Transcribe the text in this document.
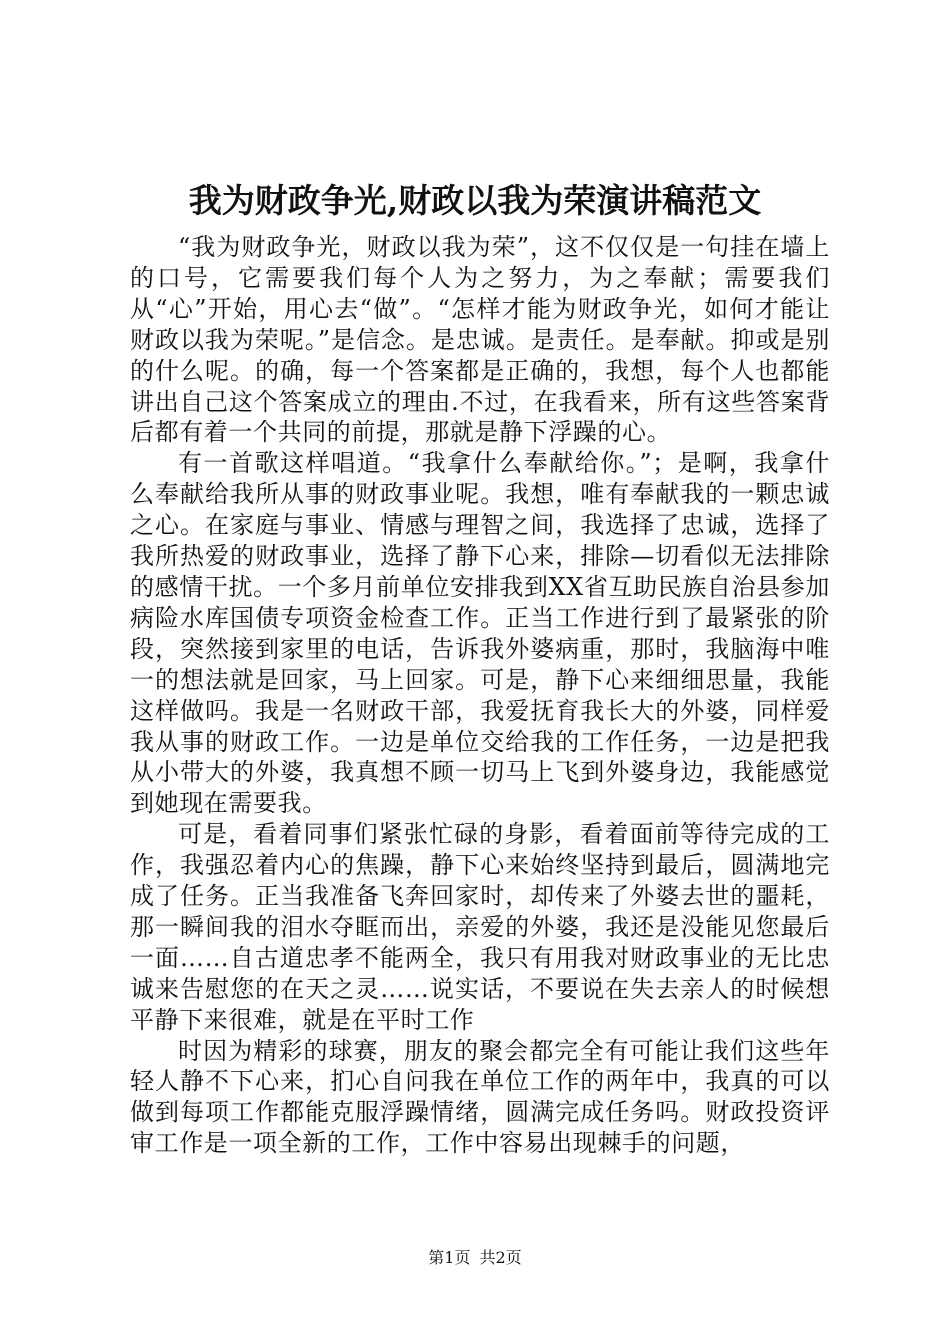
我为财政争光,财政以我为荣演讲稿范文

“我为财政争光，财政以我为荣”，这不仅仅是一句挂在墙上的口号，它需要我们每个人为之努力，为之奉献；需要我们从“心”开始，用心去“做”。“怎样才能为财政争光，如何才能让财政以我为荣呢。”是信念。是忠诚。是责任。是奉献。抑或是别的什么呢。的确，每一个答案都是正确的，我想，每个人也都能讲出自己这个答案成立的理由.不过，在我看来，所有这些答案背后都有着一个共同的前提，那就是静下浮躁的心。

有一首歌这样唱道。“我拿什么奉献给你。”；是啊，我拿什么奉献给我所从事的财政事业呢。我想，唯有奉献我的一颗忠诚之心。在家庭与事业、情感与理智之间，我选择了忠诚，选择了我所热爱的财政事业，选择了静下心来，排除—切看似无法排除的感情干扰。一个多月前单位安排我到XX省互助民族自治县参加病险水库国债专项资金检查工作。正当工作进行到了最紧张的阶段，突然接到家里的电话，告诉我外婆病重，那时，我脑海中唯一的想法就是回家，马上回家。可是，静下心来细细思量，我能这样做吗。我是一名财政干部，我爱抚育我长大的外婆，同样爱我从事的财政工作。一边是单位交给我的工作任务，一边是把我从小带大的外婆，我真想不顾一切马上飞到外婆身边，我能感觉到她现在需要我。

可是，看着同事们紧张忙碌的身影，看着面前等待完成的工作，我强忍着内心的焦躁，静下心来始终坚持到最后，圆满地完成了任务。正当我准备飞奔回家时，却传来了外婆去世的噩耗，那一瞬间我的泪水夺眶而出，亲爱的外婆，我还是没能见您最后一面……自古道忠孝不能两全，我只有用我对财政事业的无比忠诚来告慰您的在天之灵……说实话，不要说在失去亲人的时候想平静下来很难，就是在平时工作

时因为精彩的球赛，朋友的聚会都完全有可能让我们这些年轻人静不下心来，扪心自问我在单位工作的两年中，我真的可以做到每项工作都能克服浮躁情绪，圆满完成任务吗。财政投资评审工作是一项全新的工作，工作中容易出现棘手的问题，

第1页 共2页
